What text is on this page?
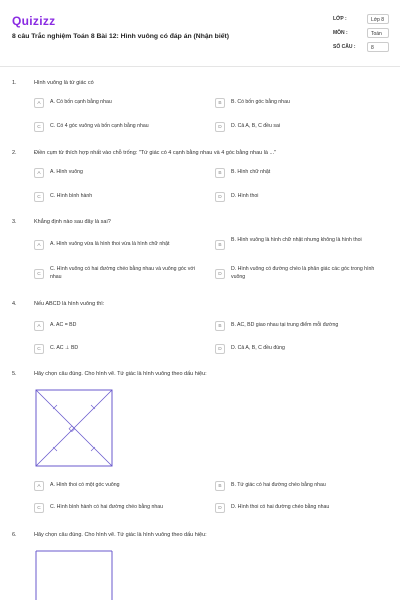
Quizizz
8 câu Trắc nghiệm Toán 8 Bài 12: Hình vuông có đáp án (Nhận biết)
LỚP :	Lớp 8
MÔN :	Toán
SỐ CÂU :	8
1.	Hình vuông là tứ giác có
A	A. Có bốn cạnh bằng nhau	B	B. Có bốn góc bằng nhau
C	C. Có 4 góc vuông và bốn cạnh bằng nhau	D	D. Cả A, B, C đều sai
2.	Điền cụm từ thích hợp nhất vào chỗ trống: "Tứ giác có 4 cạnh bằng nhau và 4 góc bằng nhau là ..."
A	A. Hình vuông	B	B. Hình chữ nhật
C	C. Hình bình hành	D	D. Hình thoi
3.	Khẳng định nào sau đây là sai?
A	A. Hình vuông vừa là hình thoi vừa là hình chữ nhật	B
B. Hình vuông là hình chữ nhật nhưng không là hình thoi
C
C. Hình vuông có hai đường chéo bằng nhau và vuông góc với nhau	D
D. Hình vuông có đường chéo là phân giác các góc trong hình vuông
4.	Nếu ABCD là hình vuông thì:
A	A. AC = BD	B	B. AC, BD giao nhau tại trung điểm mỗi đường
C	C. AC ⊥ BD	D	D. Cả A, B, C đều đúng
5.	Hãy chọn câu đúng. Cho hình vẽ. Tứ giác là hình vuông theo dấu hiệu:
A	A. Hình thoi có một góc vuông	B	B. Tứ giác có hai đường chéo bằng nhau
C	C. Hình bình hành có hai đường chéo bằng nhau	D	D. Hình thoi có hai đường chéo bằng nhau
6.	Hãy chọn câu đúng. Cho hình vẽ. Tứ giác là hình vuông theo dấu hiệu:
